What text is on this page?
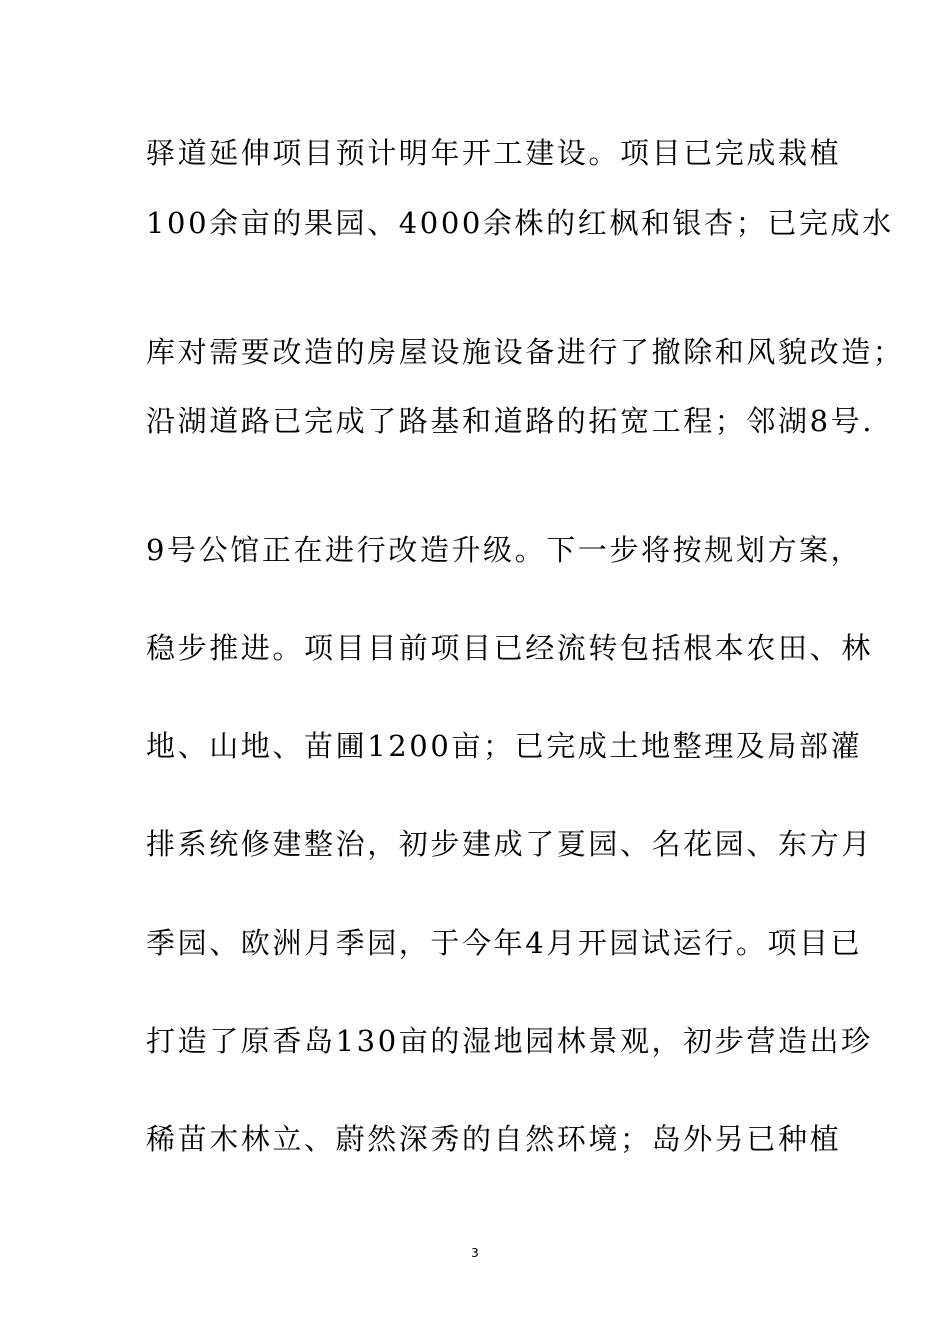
驿道延伸项目预计明年开工建设。项目已完成栽植
100余亩的果园、4000余株的红枫和银杏；已完成水
库对需要改造的房屋设施设备进行了撤除和风貌改造；
沿湖道路已完成了路基和道路的拓宽工程；邻湖8号.
9号公馆正在进行改造升级。下一步将按规划方案，
稳步推进。项目目前项目已经流转包括根本农田、林
地、山地、苗圃1200亩；已完成土地整理及局部灌
排系统修建整治，初步建成了夏园、名花园、东方月
季园、欧洲月季园，于今年4月开园试运行。项目已
打造了原香岛130亩的湿地园林景观，初步营造出珍
稀苗木林立、蔚然深秀的自然环境；岛外另已种植
3
